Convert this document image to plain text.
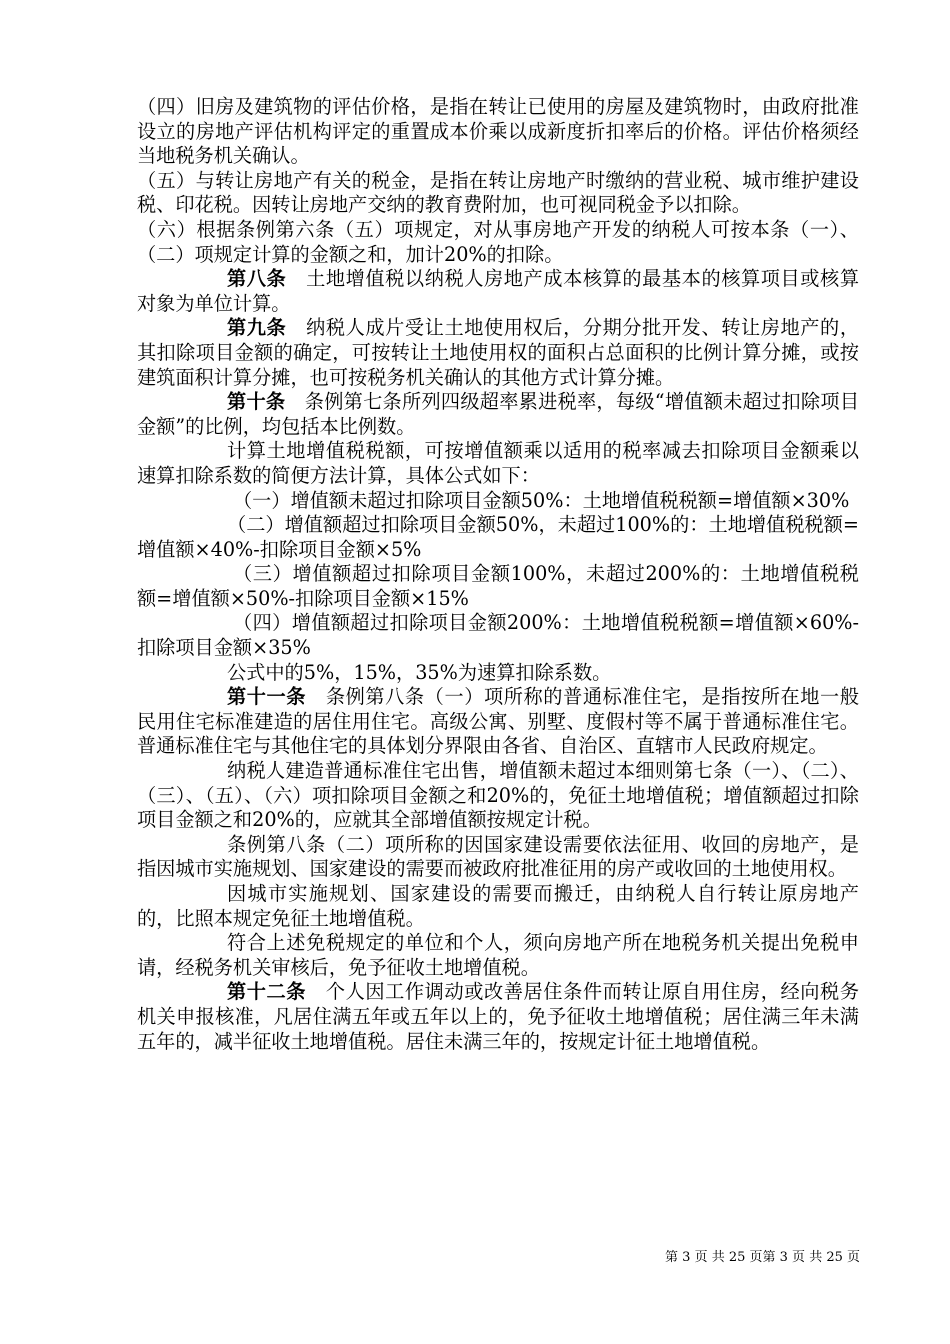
（四）旧房及建筑物的评估价格，是指在转让已使用的房屋及建筑物时，由政府批准设立的房地产评估机构评定的重置成本价乘以成新度折扣率后的价格。评估价格须经当地税务机关确认。

（五）与转让房地产有关的税金，是指在转让房地产时缴纳的营业税、城市维护建设税、印花税。因转让房地产交纳的教育费附加，也可视同税金予以扣除。

（六）根据条例第六条（五）项规定，对从事房地产开发的纳税人可按本条（一）、（二）项规定计算的金额之和，加计20%的扣除。

第八条　土地增值税以纳税人房地产成本核算的最基本的核算项目或核算对象为单位计算。

第九条　纳税人成片受让土地使用权后，分期分批开发、转让房地产的，其扣除项目金额的确定，可按转让土地使用权的面积占总面积的比例计算分摊，或按建筑面积计算分摊，也可按税务机关确认的其他方式计算分摊。

第十条　条例第七条所列四级超率累进税率，每级“增值额未超过扣除项目金额”的比例，均包括本比例数。

计算土地增值税税额，可按增值额乘以适用的税率减去扣除项目金额乘以速算扣除系数的简便方法计算，具体公式如下：

（一）增值额未超过扣除项目金额50%：土地增值税税额=增值额×30%

（二）增值额超过扣除项目金额50%，未超过100%的：土地增值税税额=增值额×40%-扣除项目金额×5%

（三）增值额超过扣除项目金额100%，未超过200%的：土地增值税税额=增值额×50%-扣除项目金额×15%

（四）增值额超过扣除项目金额200%：土地增值税税额=增值额×60%-扣除项目金额×35%

公式中的5%，15%，35%为速算扣除系数。

第十一条　条例第八条（一）项所称的普通标准住宅，是指按所在地一般民用住宅标准建造的居住用住宅。高级公寓、别墅、度假村等不属于普通标准住宅。普通标准住宅与其他住宅的具体划分界限由各省、自治区、直辖市人民政府规定。

纳税人建造普通标准住宅出售，增值额未超过本细则第七条（一）、（二）、（三）、（五）、（六）项扣除项目金额之和20%的，免征土地增值税；增值额超过扣除项目金额之和20%的，应就其全部增值额按规定计税。

条例第八条（二）项所称的因国家建设需要依法征用、收回的房地产，是指因城市实施规划、国家建设的需要而被政府批准征用的房产或收回的土地使用权。

因城市实施规划、国家建设的需要而搬迁，由纳税人自行转让原房地产的，比照本规定免征土地增值税。

符合上述免税规定的单位和个人，须向房地产所在地税务机关提出免税申请，经税务机关审核后，免予征收土地增值税。

第十二条　个人因工作调动或改善居住条件而转让原自用住房，经向税务机关申报核准，凡居住满五年或五年以上的，免予征收土地增值税；居住满三年未满五年的，减半征收土地增值税。居住未满三年的，按规定计征土地增值税。

第 3 页 共 25 页第 3 页 共 25 页
